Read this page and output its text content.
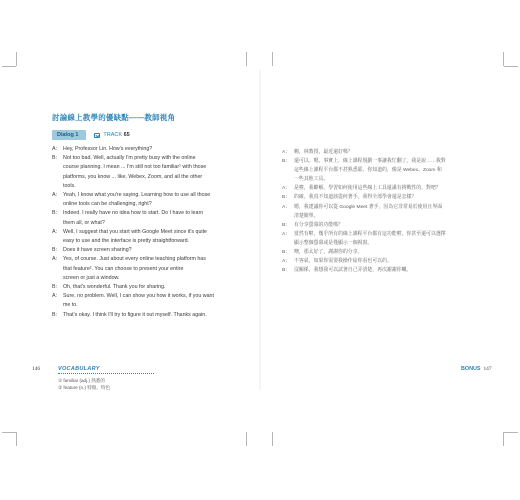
討論線上教學的優缺點——教師視角
Dialog 1	TRACK 65
A: Hey, Professor Lin. How's everything?
B: Not too bad. Well, actually I'm pretty busy with the online
course planning. I mean ... I'm still not too familiar¹ with those
platforms, you know ... like, Webex, Zoom, and all the other
tools.
A: Yeah, I know what you're saying. Learning how to use all those
online tools can be challenging, right?
B: Indeed. I really have no idea how to start. Do I have to learn
them all, or what?
A: Well, I suggest that you start with Google Meet since it's quite
easy to use and the interface is pretty straightforward.
B: Does it have screen sharing?
A: Yes, of course. Just about every online teaching platform has
that feature². You can choose to present your entire
screen or just a window.
B: Oh, that's wonderful. Thank you for sharing.
A: Sure, no problem. Well, I can show you how it works, if you want
me to.
B: That's okay. I think I'll try to figure it out myself. Thanks again.
VOCABULARY
① familiar (adj.) 熟悉的
② feature (n.) 特徵、特色
146
A： 嗨，林教授，最近還好嗎？
B： 還可以。嗯，事實上，線上課程規劃一事讓我忙翻了。我是說……我對
這些線上課程平台都不甚熟悉耶，你知道的，像是 Webex、Zoom 和
一些其他工具。
A： 是啦，我瞭解，學習如何使用這些線上工具還滿有挑戰性的，對吧？
B： 的確，我真不知道該從何著手，我得全部學會還是怎樣？
A： 嗯，我建議你可以從 Google Meet 著手，因為它非常易於使用且界面
清楚簡單。
B： 有分享螢幕的功能嗎？
A： 當然有啦，幾乎所有的線上課程平台都有這功能啦，你甚至還可以選擇
顯示整個螢幕或是僅顯示一個視窗。
B： 噢，那太好了，謝謝你的分享。
A： 不客氣，如果你需要我操作給你看也可以的。
B： 沒關係，我想我可以試著自己弄清楚，再次謝謝你囉。
BONUS 147
